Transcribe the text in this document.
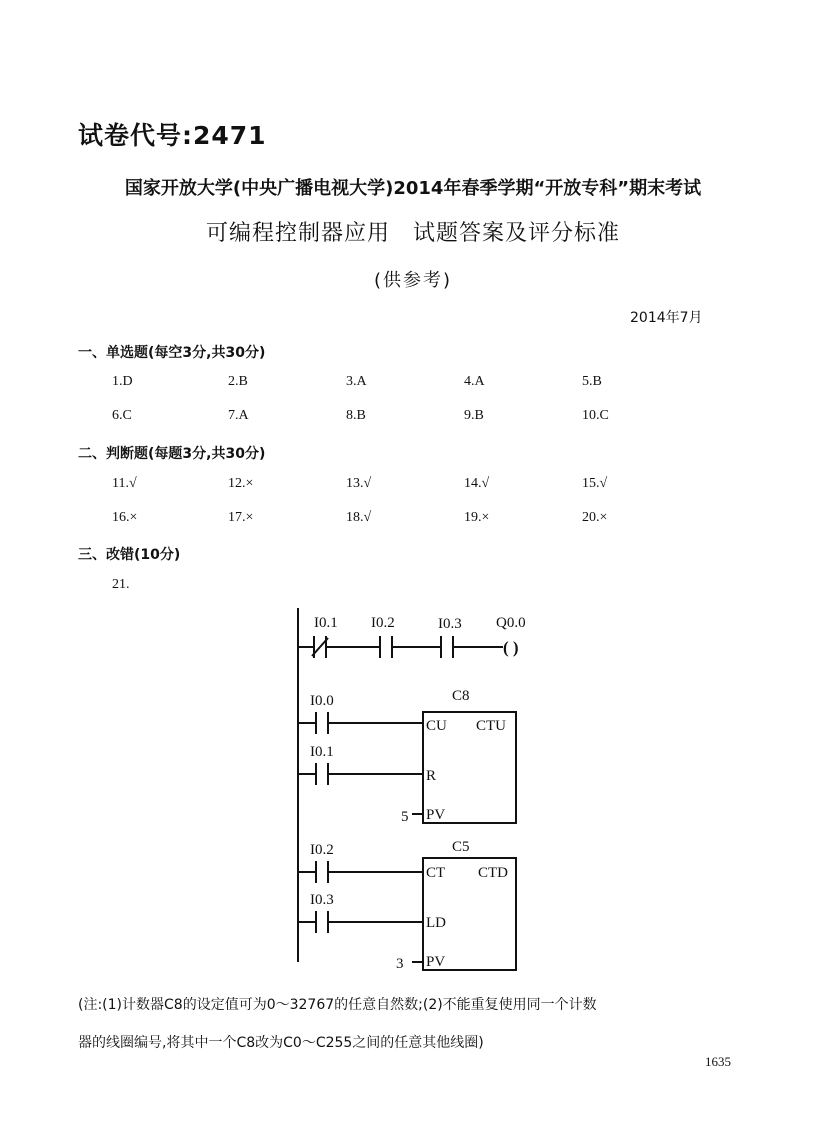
试卷代号:2471
国家开放大学(中央广播电视大学)2014年春季学期“开放专科”期末考试
可编程控制器应用　试题答案及评分标准
(供参考)
2014年7月
一、单选题(每空3分,共30分)
1.D	2.B	3.A	4.A	5.B
6.C	7.A	8.B	9.B	10.C
二、判断题(每题3分,共30分)
11.√	12.×	13.√	14.√	15.√
16.×	17.×	18.√	19.×	20.×
三、改错(10分)
21.
I0.1 I0.2	I0.3 Q0.0
( )
I0.0	C8
CU CTU
I0.1
R
PV
5
I0.2	C5
CT CTD
I0.3
LD
PV
3
(注:(1)计数器C8的设定值可为0～32767的任意自然数;(2)不能重复使用同一个计数
器的线圈编号,将其中一个C8改为C0～C255之间的任意其他线圈)
1635
